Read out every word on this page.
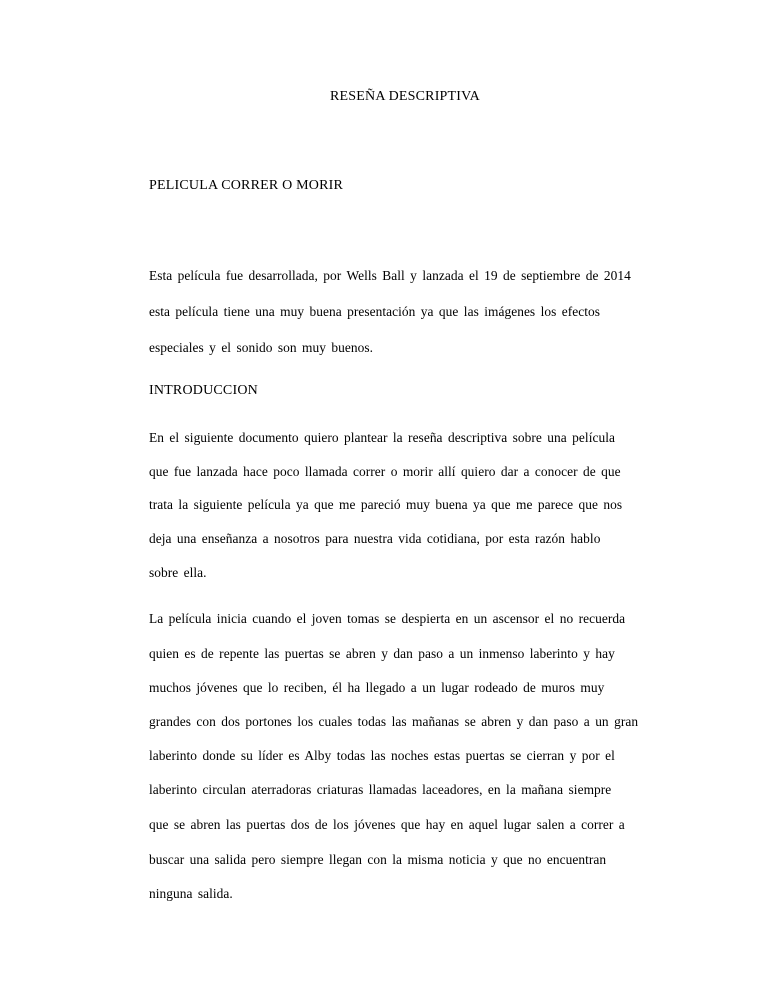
RESEÑA DESCRIPTIVA
PELICULA CORRER O MORIR
Esta película fue desarrollada, por Wells Ball y lanzada el 19 de septiembre de 2014
esta película tiene una muy buena presentación ya que las imágenes los efectos
especiales y el sonido son muy buenos.
INTRODUCCION
En el siguiente documento quiero plantear la reseña descriptiva sobre una película
que fue lanzada hace poco llamada correr o morir allí quiero dar a conocer de que
trata la siguiente película ya que me pareció muy buena ya que me parece que nos
deja una enseñanza a nosotros para nuestra vida cotidiana, por esta razón hablo
sobre ella.
La película inicia cuando el joven tomas se despierta en un ascensor el no recuerda
quien es de repente las puertas se abren y dan paso a un inmenso laberinto y hay
muchos jóvenes que lo reciben, él ha llegado a un lugar rodeado de muros muy
grandes con dos portones los cuales todas las mañanas se abren y dan paso a un gran
laberinto donde su líder es Alby todas las noches estas puertas se cierran y por el
laberinto circulan aterradoras criaturas llamadas laceadores, en la mañana siempre
que se abren las puertas dos de los jóvenes que hay en aquel lugar salen a correr a
buscar una salida pero siempre llegan con la misma noticia y que no encuentran
ninguna salida.
